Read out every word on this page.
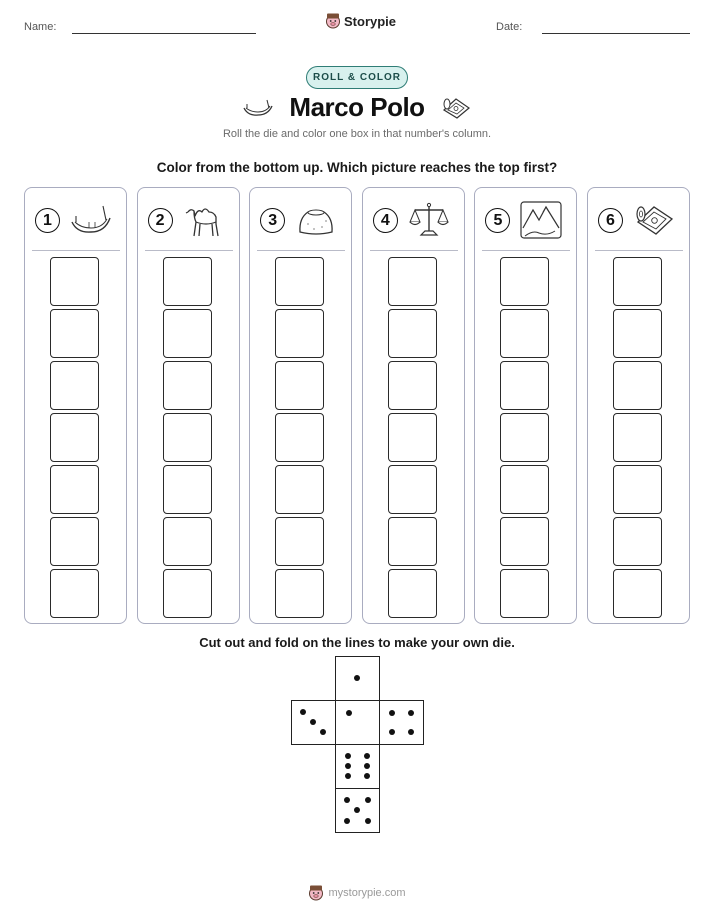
Name:	Storypie	Date:
ROLL & COLOR
Marco Polo
Roll the die and color one box in that number's column.
Color from the bottom up. Which picture reaches the top first?
1	2	3	4	5	6
Cut out and fold on the lines to make your own die.
mystorypie.com
